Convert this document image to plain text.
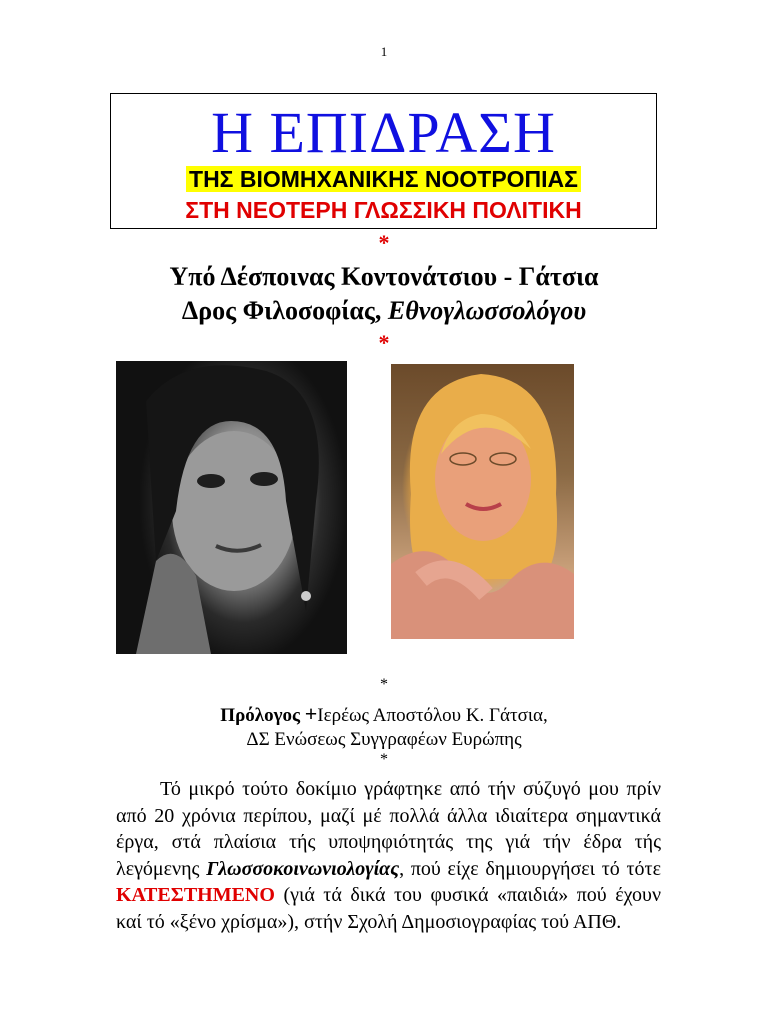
1
Η ΕΠΙΔΡΑΣΗ
ΤΗΣ ΒΙΟΜΗΧΑΝΙΚΗΣ ΝΟΟΤΡΟΠΙΑΣ
ΣΤΗ ΝΕΟΤΕΡΗ ΓΛΩΣΣΙΚΗ ΠΟΛΙΤΙΚΗ
*
Υπό Δέσποινας Κοντονάτσιου - Γάτσια
Δρος Φιλοσοφίας, Εθνογλωσσολόγου
*
*
Πρόλογος +Ιερέως Αποστόλου Κ. Γάτσια,
ΔΣ Ενώσεως Συγγραφέων Ευρώπης
*
Τό μικρό τούτο δοκίμιο γράφτηκε από τήν σύζυγό μου πρίν από 20 χρόνια περίπου, μαζί μέ πολλά άλλα ιδιαίτερα σημαντικά έργα, στά πλαίσια τής υποψηφιότητάς της γιά τήν έδρα τής λεγόμενης Γλωσσοκοινωνιολογίας, πού είχε δημιουργήσει τό τότε ΚΑΤΕΣΤΗΜΕΝΟ (γιά τά δικά του φυσικά «παιδιά» πού έχουν καί τό «ξένο χρίσμα»), στήν Σχολή Δημοσιογραφίας τού ΑΠΘ.
